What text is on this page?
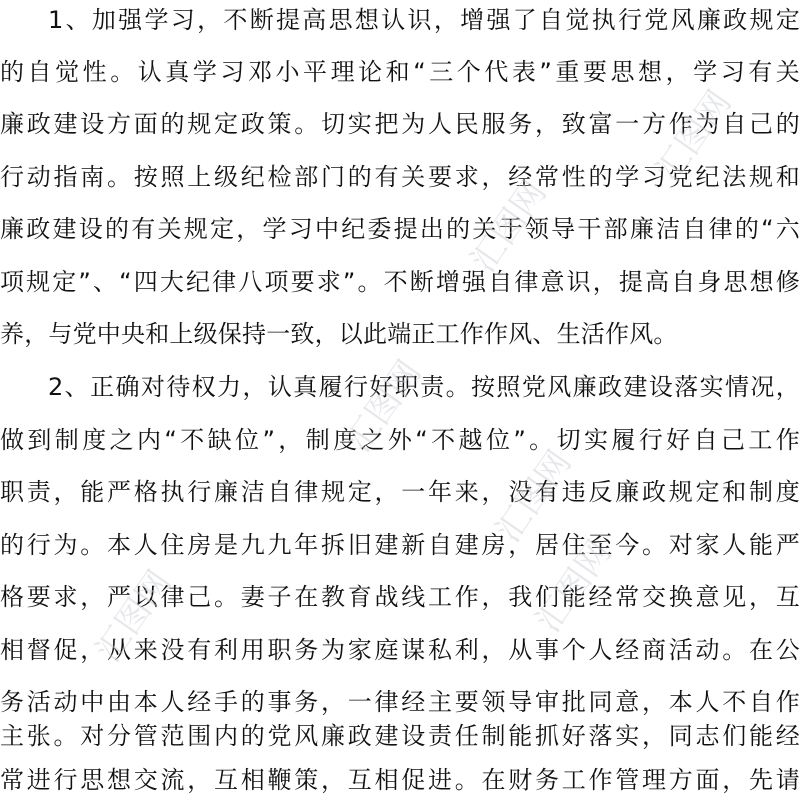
1、加强学习，不断提高思想认识，增强了自觉执行党风廉政规定
的自觉性。认真学习邓小平理论和“三个代表”重要思想，学习有关
廉政建设方面的规定政策。切实把为人民服务，致富一方作为自己的
行动指南。按照上级纪检部门的有关要求，经常性的学习党纪法规和
廉政建设的有关规定，学习中纪委提出的关于领导干部廉洁自律的“六
项规定”、“四大纪律八项要求”。不断增强自律意识，提高自身思想修
养，与党中央和上级保持一致，以此端正工作作风、生活作风。
2、正确对待权力，认真履行好职责。按照党风廉政建设落实情况，
做到制度之内“不缺位”，制度之外“不越位”。切实履行好自己工作
职责，能严格执行廉洁自律规定，一年来，没有违反廉政规定和制度
的行为。本人住房是九九年拆旧建新自建房，居住至今。对家人能严
格要求，严以律己。妻子在教育战线工作，我们能经常交换意见，互
相督促，从来没有利用职务为家庭谋私利，从事个人经商活动。在公
务活动中由本人经手的事务，一律经主要领导审批同意，本人不自作
主张。对分管范围内的党风廉政建设责任制能抓好落实，同志们能经
常进行思想交流，互相鞭策，互相促进。在财务工作管理方面，先请
汇图网
汇图网
汇图网
汇图网
汇图网	汇图网
